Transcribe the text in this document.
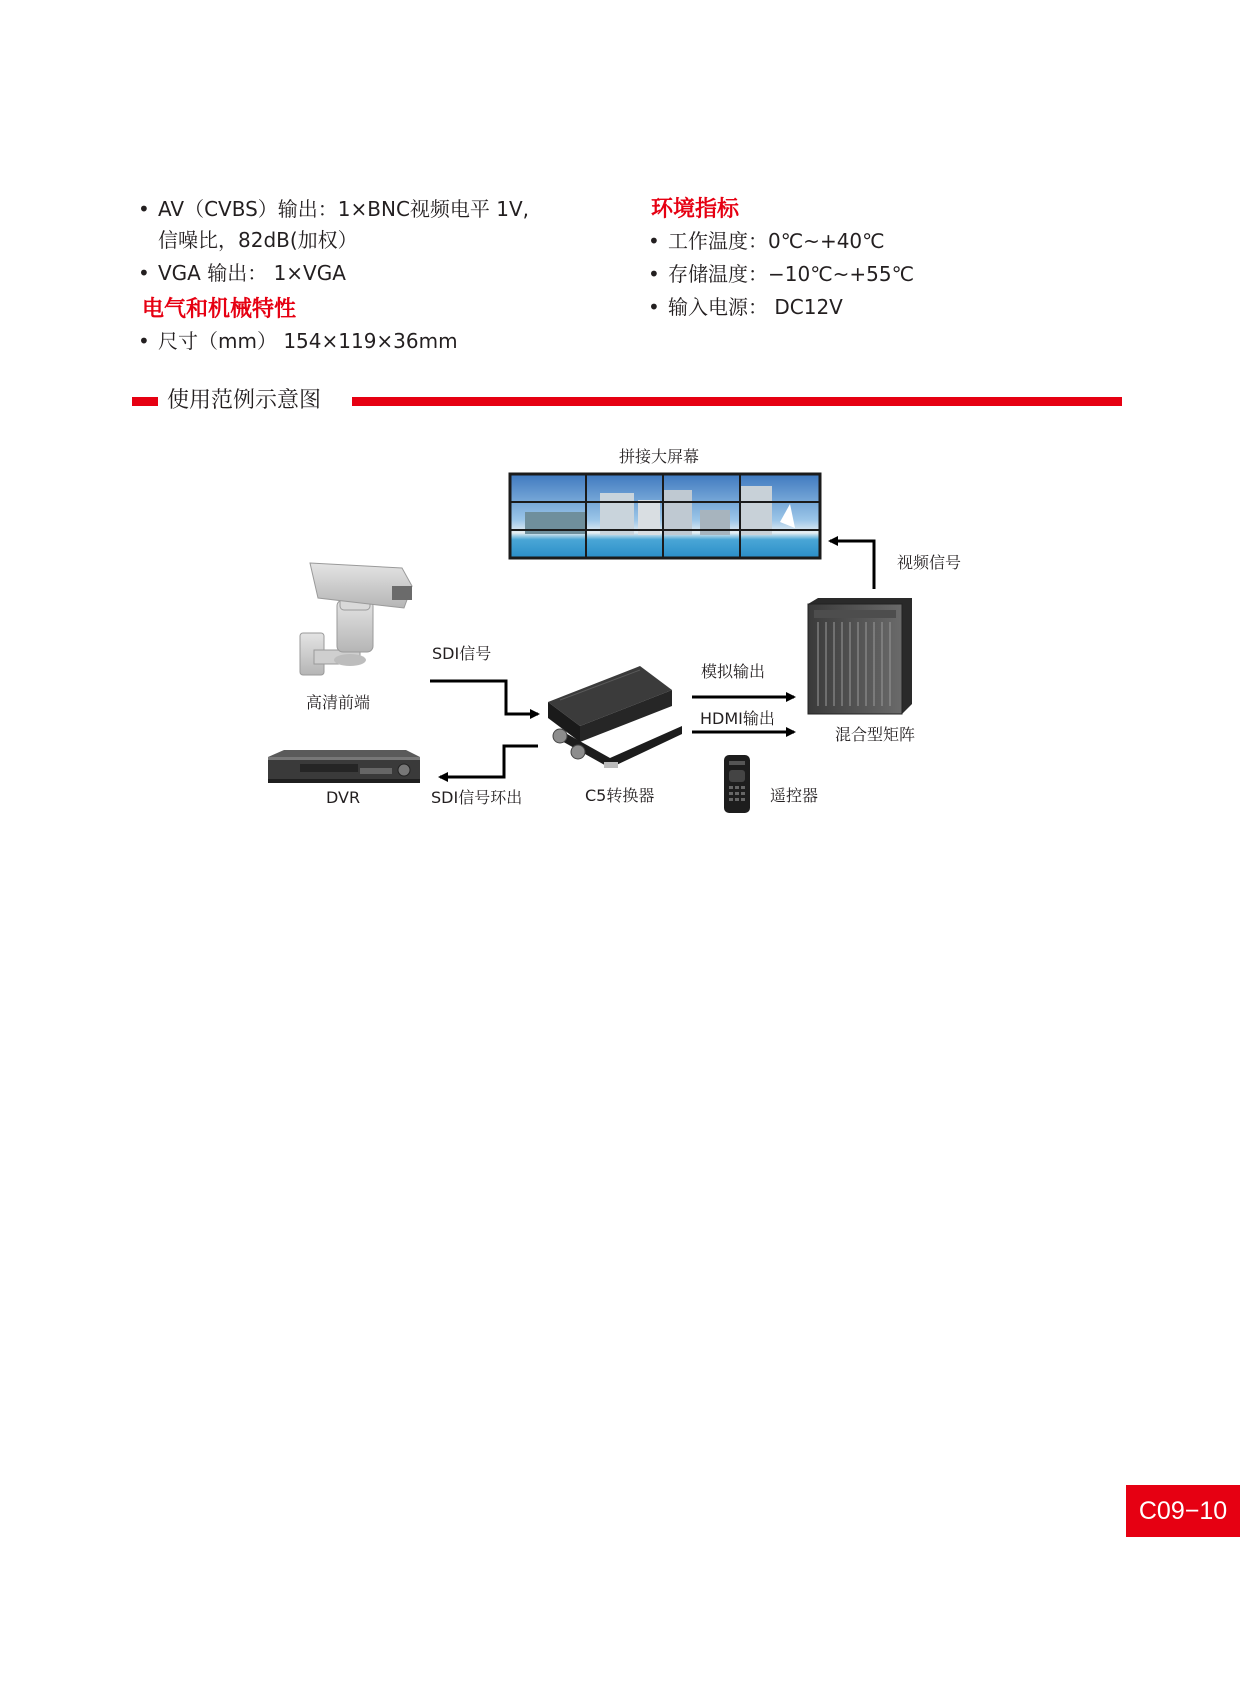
• AV（CVBS）输出：1×BNC视频电平 1V,
信噪比，82dB(加权）
• VGA 输出： 1×VGA
电气和机械特性
• 尺寸（mm） 154×119×36mm
环境指标
• 工作温度：0℃~+40℃
• 存储温度：−10℃~+55℃
• 输入电源： DC12V
使用范例示意图
拼接大屏幕
视频信号
高清前端
SDI信号
模拟输出
HDMI输出
混合型矩阵
DVR	SDI信号环出	C5转换器	遥控器
C09−10
